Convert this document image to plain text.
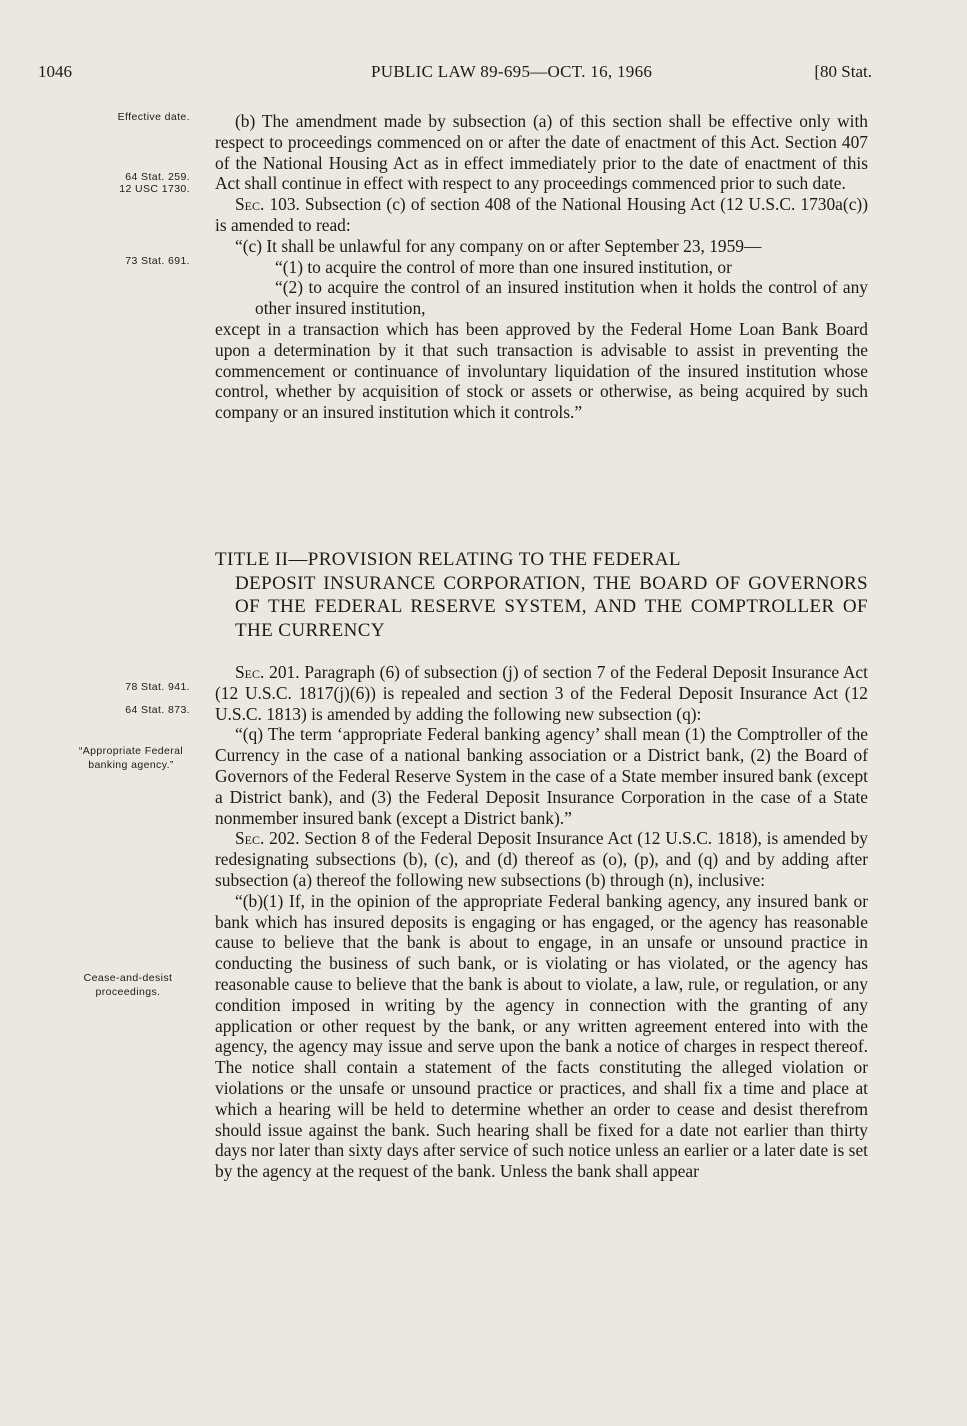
1046	PUBLIC LAW 89-695—OCT. 16, 1966	[80 Stat.
Effective date.
64 Stat. 259.
12 USC 1730.
73 Stat. 691.
78 Stat. 941.
64 Stat. 873.
“Appropriate Federal banking agency.”
Cease-and-desist proceedings.

(b) The amendment made by subsection (a) of this section shall be effective only with respect to proceedings commenced on or after the date of enactment of this Act. Section 407 of the National Housing Act as in effect immediately prior to the date of enactment of this Act shall continue in effect with respect to any proceedings commenced prior to such date.

Sec. 103. Subsection (c) of section 408 of the National Housing Act (12 U.S.C. 1730a(c)) is amended to read:

“(c) It shall be unlawful for any company on or after September 23, 1959—

“(1) to acquire the control of more than one insured institution, or

“(2) to acquire the control of an insured institution when it holds the control of any other insured institution,

except in a transaction which has been approved by the Federal Home Loan Bank Board upon a determination by it that such transaction is advisable to assist in preventing the commencement or continuance of involuntary liquidation of the insured institution whose control, whether by acquisition of stock or assets or otherwise, as being acquired by such company or an insured institution which it controls.”

TITLE II—PROVISION RELATING TO THE FEDERAL
DEPOSIT INSURANCE CORPORATION, THE BOARD OF GOVERNORS OF THE FEDERAL RESERVE SYSTEM, AND THE COMPTROLLER OF THE CURRENCY

Sec. 201. Paragraph (6) of subsection (j) of section 7 of the Federal Deposit Insurance Act (12 U.S.C. 1817(j)(6)) is repealed and section 3 of the Federal Deposit Insurance Act (12 U.S.C. 1813) is amended by adding the following new subsection (q):

“(q) The term ‘appropriate Federal banking agency’ shall mean (1) the Comptroller of the Currency in the case of a national banking association or a District bank, (2) the Board of Governors of the Federal Reserve System in the case of a State member insured bank (except a District bank), and (3) the Federal Deposit Insurance Corporation in the case of a State nonmember insured bank (except a District bank).”

Sec. 202. Section 8 of the Federal Deposit Insurance Act (12 U.S.C. 1818), is amended by redesignating subsections (b), (c), and (d) thereof as (o), (p), and (q) and by adding after subsection (a) thereof the following new subsections (b) through (n), inclusive:

“(b)(1) If, in the opinion of the appropriate Federal banking agency, any insured bank or bank which has insured deposits is engaging or has engaged, or the agency has reasonable cause to believe that the bank is about to engage, in an unsafe or unsound practice in conducting the business of such bank, or is violating or has violated, or the agency has reasonable cause to believe that the bank is about to violate, a law, rule, or regulation, or any condition imposed in writing by the agency in connection with the granting of any application or other request by the bank, or any written agreement entered into with the agency, the agency may issue and serve upon the bank a notice of charges in respect thereof. The notice shall contain a statement of the facts constituting the alleged violation or violations or the unsafe or unsound practice or practices, and shall fix a time and place at which a hearing will be held to determine whether an order to cease and desist therefrom should issue against the bank. Such hearing shall be fixed for a date not earlier than thirty days nor later than sixty days after service of such notice unless an earlier or a later date is set by the agency at the request of the bank. Unless the bank shall appear
